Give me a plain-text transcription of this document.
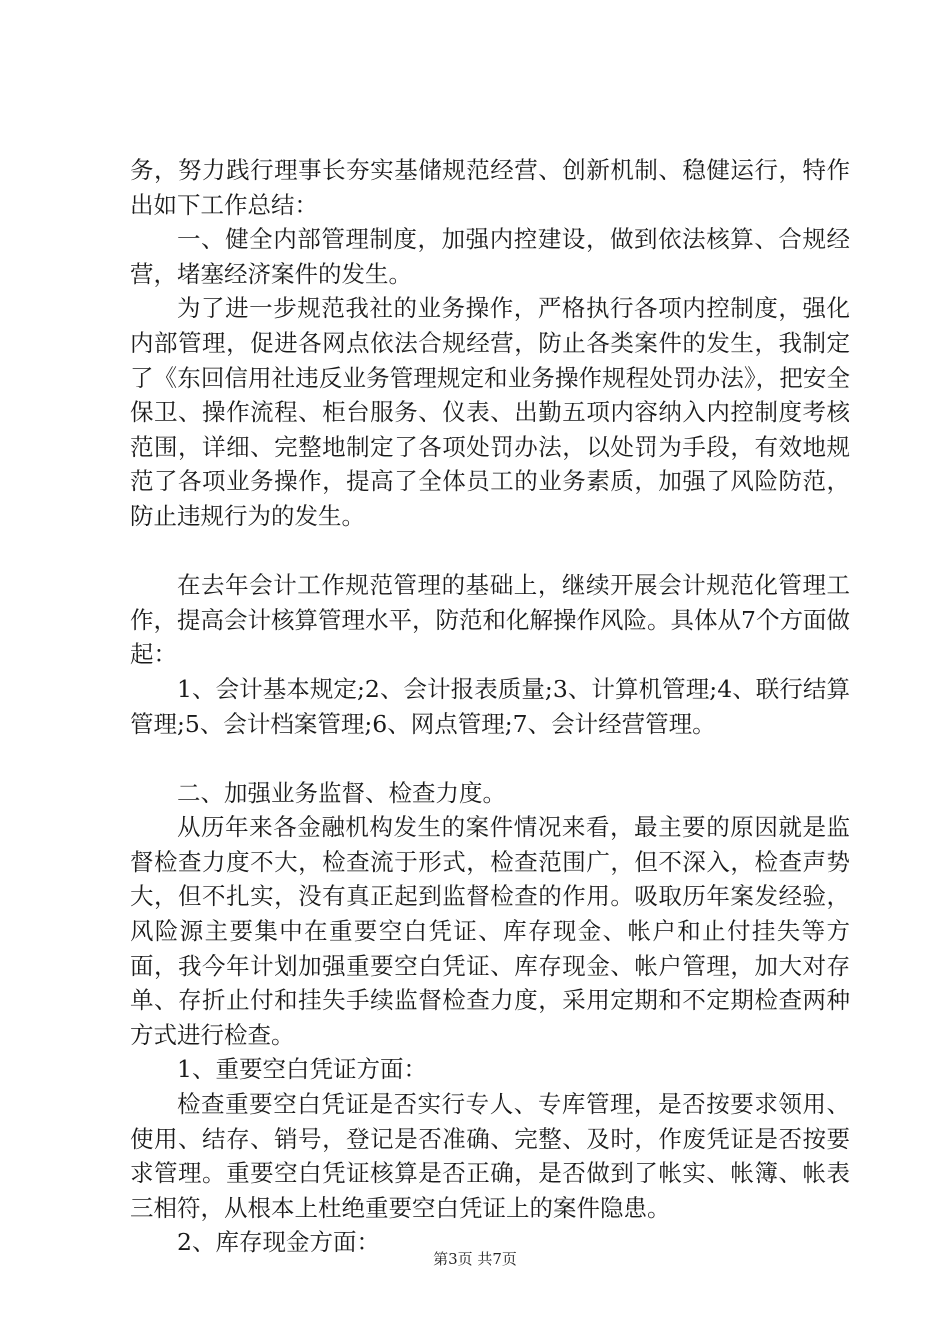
务，努力践行理事长夯实基储规范经营、创新机制、稳健运行，特作出如下工作总结：

一、健全内部管理制度，加强内控建设，做到依法核算、合规经营，堵塞经济案件的发生。

为了进一步规范我社的业务操作，严格执行各项内控制度，强化内部管理，促进各网点依法合规经营，防止各类案件的发生，我制定了《东回信用社违反业务管理规定和业务操作规程处罚办法》，把安全保卫、操作流程、柜台服务、仪表、出勤五项内容纳入内控制度考核范围，详细、完整地制定了各项处罚办法，以处罚为手段，有效地规范了各项业务操作，提高了全体员工的业务素质，加强了风险防范，防止违规行为的发生。

在去年会计工作规范管理的基础上，继续开展会计规范化管理工作，提高会计核算管理水平，防范和化解操作风险。具体从7个方面做起：

1、会计基本规定;2、会计报表质量;3、计算机管理;4、联行结算管理;5、会计档案管理;6、网点管理;7、会计经营管理。

二、加强业务监督、检查力度。

从历年来各金融机构发生的案件情况来看，最主要的原因就是监督检查力度不大，检查流于形式，检查范围广，但不深入，检查声势大，但不扎实，没有真正起到监督检查的作用。吸取历年案发经验，风险源主要集中在重要空白凭证、库存现金、帐户和止付挂失等方面，我今年计划加强重要空白凭证、库存现金、帐户管理，加大对存单、存折止付和挂失手续监督检查力度，采用定期和不定期检查两种方式进行检查。

1、重要空白凭证方面：

检查重要空白凭证是否实行专人、专库管理，是否按要求领用、使用、结存、销号，登记是否准确、完整、及时，作废凭证是否按要求管理。重要空白凭证核算是否正确，是否做到了帐实、帐簿、帐表三相符，从根本上杜绝重要空白凭证上的案件隐患。

2、库存现金方面：

第3页 共7页
